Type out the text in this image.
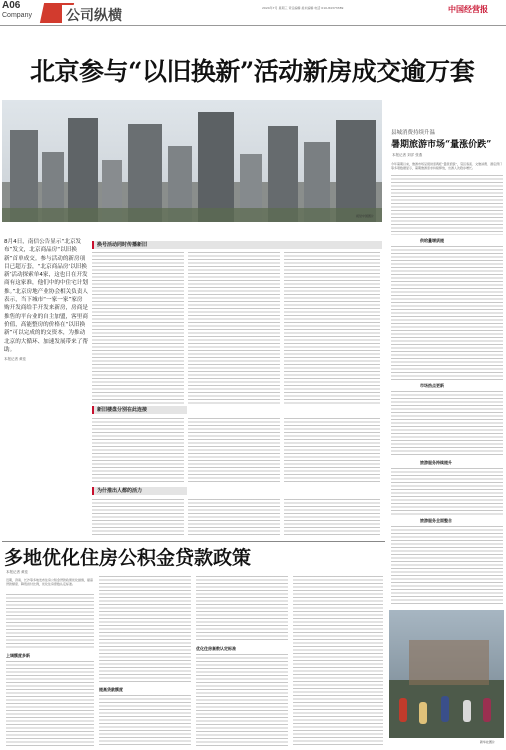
A06
Company 公司纵横	2024年7月 星期三 责任编辑 美术编辑 电话 010-84373389	中国经营报
北京参与“以旧换新”活动新房成交逾万套
视觉中国图片
县城消费持续升温
暑期旅游市场“量涨价跌”
本报记者 刘洋 张燕
今年暑期以来，旅游市场呈现供需两旺“量涨价跌”，景区客流、文旅消费、酒店预订等多项数据显示，暑期旅游需求持续释放，出游人次稳步增长。
供给量增质提
市场热点更新
旅游服务持续提升
旅游服务全面整合
8月4日，南信公告显示“北京发布”发文，北京商品房“以旧换新”首单成交。参与活动的新房项目已超万套，“北京商品房‘以旧换新’活动探索单4家，这也日在开发商有这家准，他们中的中住宅计划推。”北京房地产业协会相关负责人表示，当下城市“一家一家”家房购开发商给手开发来新房，房商是推售的平台业的自主加盟，客里商价值，高能整房的价格在“以旧换新”可以完成的的交资本，为推动北京的大循环、加速发展带来了帮助。
本报记者 黄佳
换号活动同时传播新旧
新旧楼盘分别在此连接
为什推出人都的活力
多地优化住房公积金贷款政策
本报记者 黄佳
近期，济南、长沙等多地发布住房公积金贷款政策优化措施，提高贷款额度、降低首付比例，优化住房套数认定标准。
上调额度多新
提高贷款额度
优化住房套数认定标准
新华社图片
